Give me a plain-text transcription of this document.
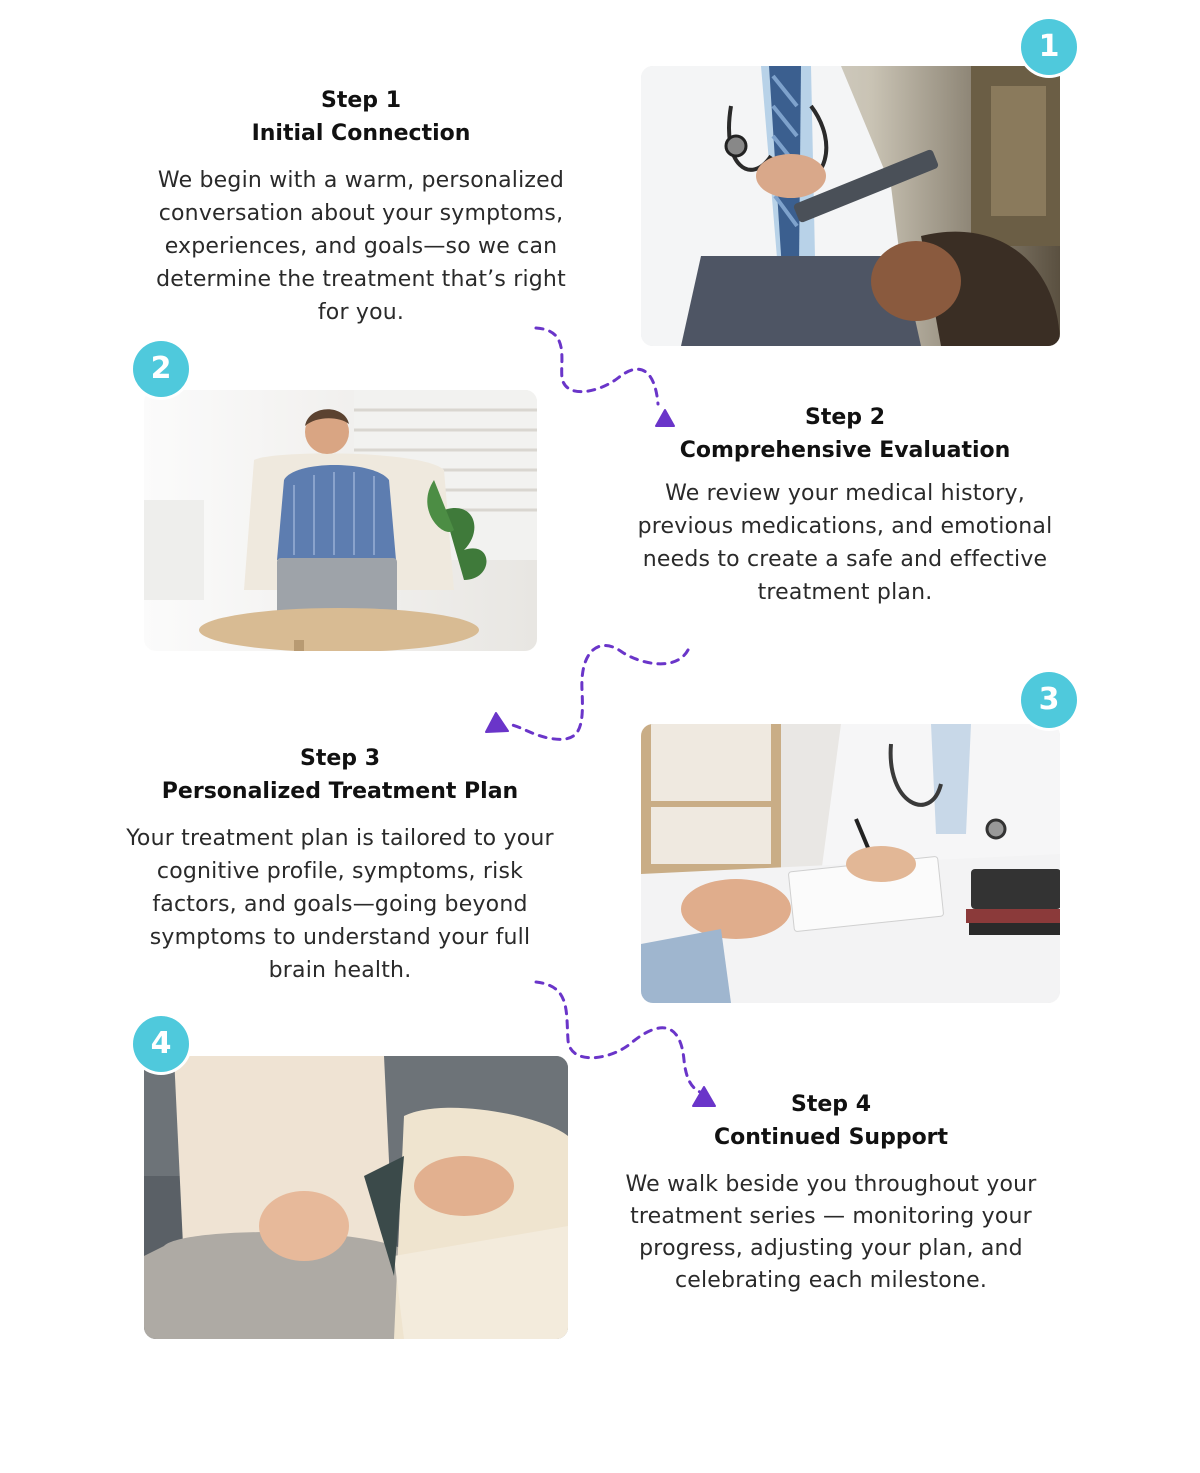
Step 1

Initial Connection

We begin with a warm, personalized conversation about your symptoms, experiences, and goals—so we can determine the treatment that’s right for you.

1
2

Step 2

Comprehensive Evaluation

We review your medical history, previous medications, and emotional needs to create a safe and effective treatment plan.

Step 3

Personalized Treatment Plan

Your treatment plan is tailored to your cognitive profile, symptoms, risk factors, and goals—going beyond symptoms to understand your full brain health.

3
4

Step 4

Continued Support

We walk beside you throughout your treatment series — monitoring your progress, adjusting your plan, and celebrating each milestone.
